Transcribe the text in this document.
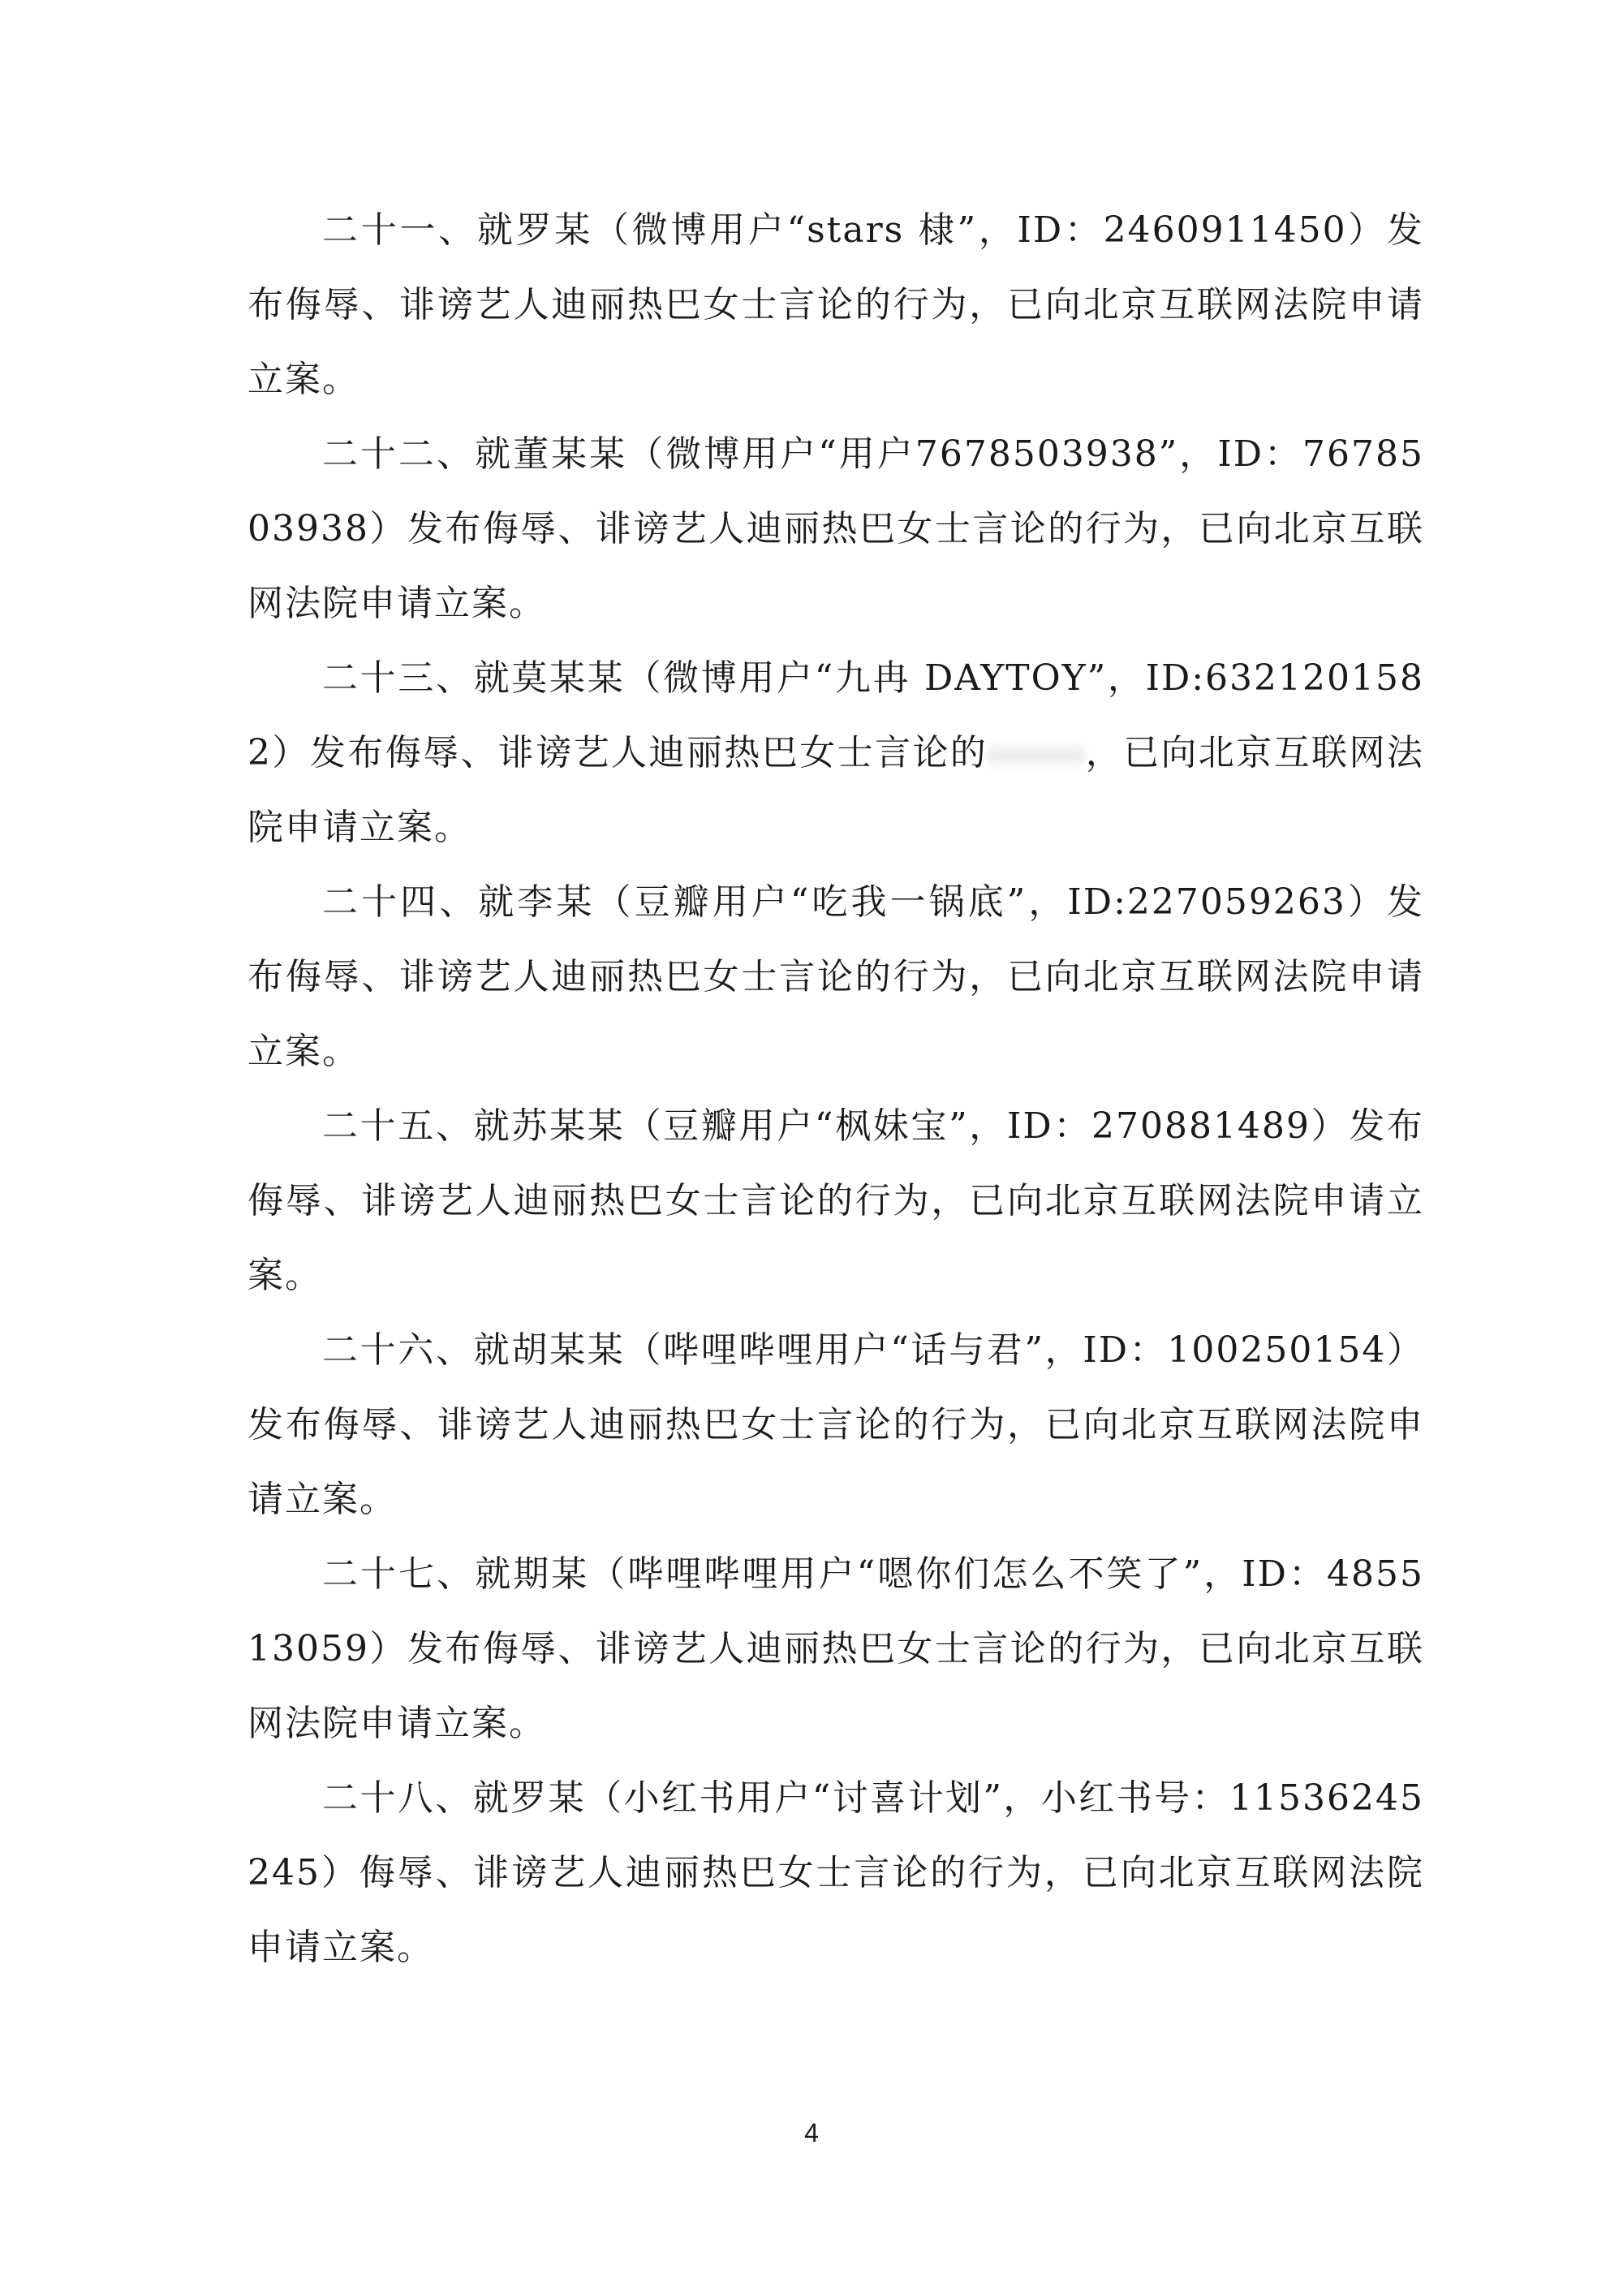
二十一、就罗某（微博用户“stars 棣”，ID：2460911450）发布侮辱、诽谤艺人迪丽热巴女士言论的行为，已向北京互联网法院申请立案。

二十二、就董某某（微博用户“用户7678503938”，ID：7678503938）发布侮辱、诽谤艺人迪丽热巴女士言论的行为，已向北京互联网法院申请立案。

二十三、就莫某某（微博用户“九冉 DAYTOY”，ID:6321201582）发布侮辱、诽谤艺人迪丽热巴女士言论的	，已向北京互联网法院申请立案。

二十四、就李某（豆瓣用户“吃我一锅底”，ID:227059263）发布侮辱、诽谤艺人迪丽热巴女士言论的行为，已向北京互联网法院申请立案。

二十五、就苏某某（豆瓣用户“枫妹宝”，ID：270881489）发布侮辱、诽谤艺人迪丽热巴女士言论的行为，已向北京互联网法院申请立案。

二十六、就胡某某（哔哩哔哩用户“话与君”，ID：100250154）发布侮辱、诽谤艺人迪丽热巴女士言论的行为，已向北京互联网法院申请立案。

二十七、就期某（哔哩哔哩用户“嗯你们怎么不笑了”，ID：485513059）发布侮辱、诽谤艺人迪丽热巴女士言论的行为，已向北京互联网法院申请立案。

二十八、就罗某（小红书用户“讨喜计划”，小红书号：11536245245）侮辱、诽谤艺人迪丽热巴女士言论的行为，已向北京互联网法院申请立案。

4
